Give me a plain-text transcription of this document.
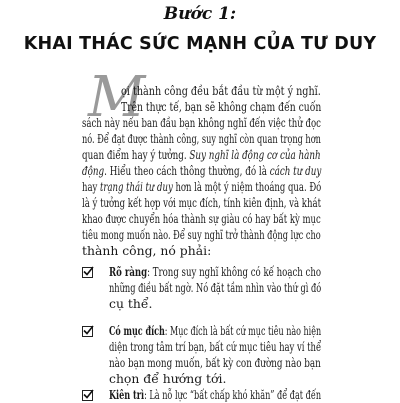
Bước 1:
KHAI THÁC SỨC MẠNH CỦA TƯ DUY
M
ọi thành công đều bắt đầu từ một ý nghĩ.
Trên thực tế, bạn sẽ không chạm đến cuốn
sách này nếu ban đầu bạn không nghĩ đến việc thử đọc
nó. Để đạt được thành công, suy nghĩ còn quan trọng hơn
quan điểm hay ý tưởng. Suy nghĩ là động cơ của hành
động. Hiểu theo cách thông thường, đó là cách tư duy
hay trạng thái tư duy hơn là một ý niệm thoáng qua. Đó
là ý tưởng kết hợp với mục đích, tính kiên định, và khát
khao được chuyển hóa thành sự giàu có hay bất kỳ mục
tiêu mong muốn nào. Để suy nghĩ trở thành động lực cho
thành công, nó phải:
Rõ ràng: Trong suy nghĩ không có kế hoạch cho
những điều bất ngờ. Nó đặt tầm nhìn vào thứ gì đó
cụ thể.
Có mục đích: Mục đích là bất cứ mục tiêu nào hiện
diện trong tâm trí bạn, bất cứ mục tiêu hay ví thể
nào bạn mong muốn, bất kỳ con đường nào bạn
chọn để hướng tới.
Kiên trì: Là nỗ lực “bất chấp khó khăn” để đạt đến
